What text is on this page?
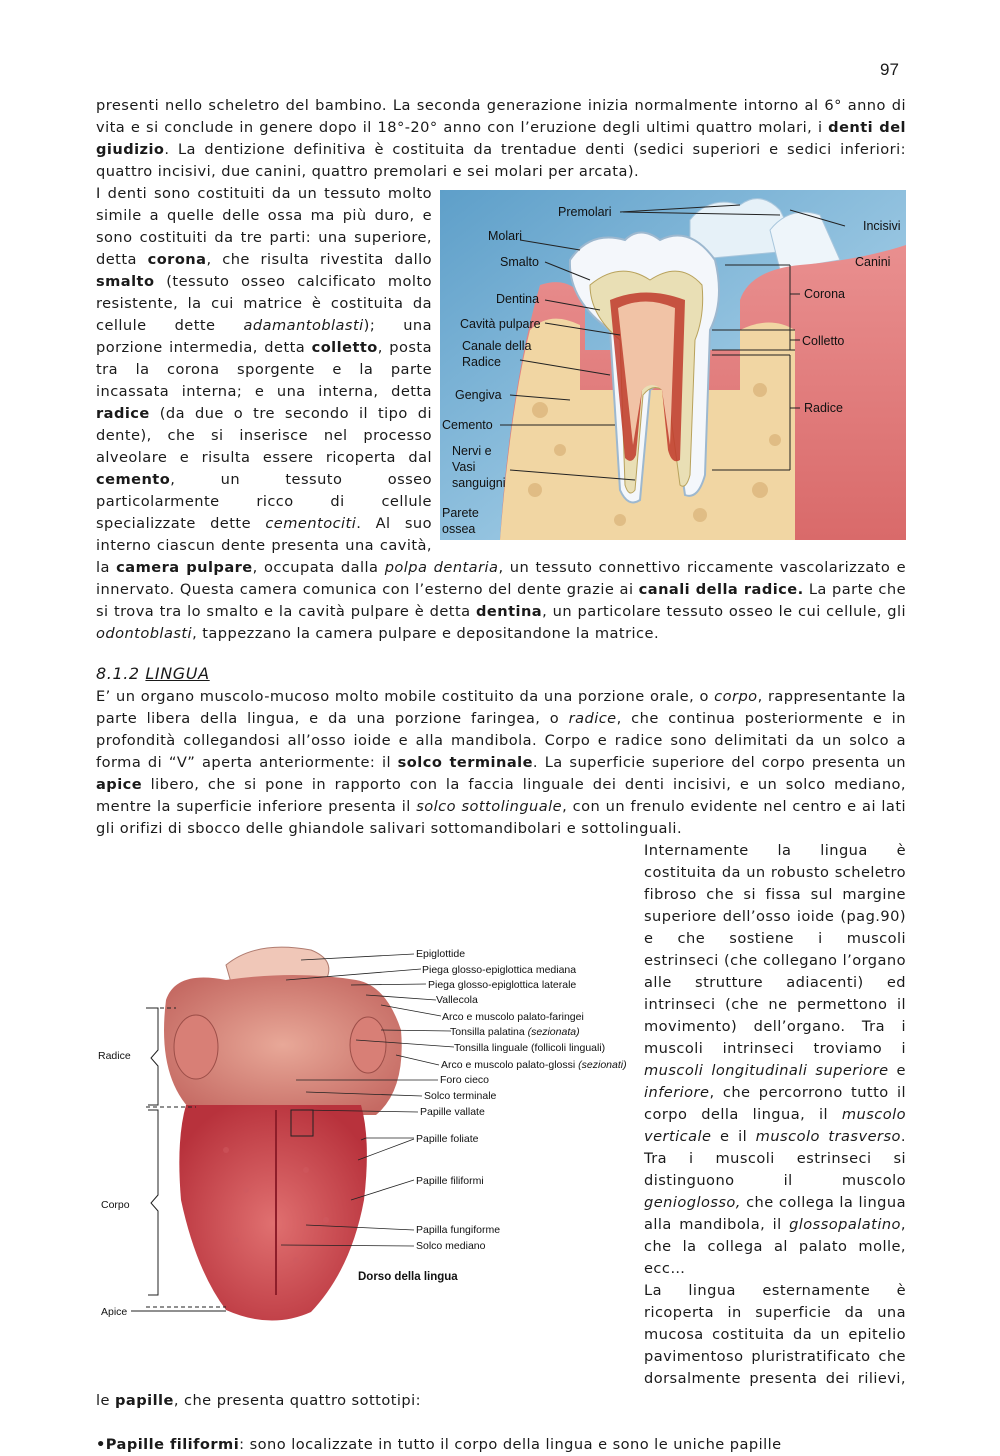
97
presenti nello scheletro del bambino. La seconda generazione inizia normalmente intorno al 6° anno di vita e si conclude in genere dopo il 18°-20° anno con l’eruzione degli ultimi quattro molari, i denti del giudizio. La dentizione definitiva è costituita da trentadue denti (sedici superiori e sedici inferiori: quattro incisivi, due canini, quattro premolari e sei molari per arcata).
I denti sono costituiti da un tessuto molto simile a quelle delle ossa ma più duro, e sono costituiti da tre parti: una superiore, detta corona, che risulta rivestita dallo smalto (tessuto osseo calcificato molto resistente, la cui matrice è costituita da cellule dette adamantoblasti); una porzione intermedia, detta colletto, posta tra la corona sporgente e la parte incassata interna; e una interna, detta radice (da due o tre secondo il tipo di dente), che si inserisce nel processo alveolare e risulta essere ricoperta dal cemento, un tessuto osseo particolarmente ricco di cellule specializzate dette cementociti. Al suo interno ciascun dente presenta una cavità, la camera pulpare, occupata dalla polpa dentaria, un tessuto connettivo riccamente vascolarizzato e innervato. Questa camera comunica con l’esterno del dente grazie ai canali della radice. La parte che si trova tra lo smalto e la cavità pulpare è detta dentina, un particolare tessuto osseo le cui cellule, gli odontoblasti, tappezzano la camera pulpare e depositandone la matrice.
Premolari
Incisivi
Canini
Molari
Smalto
Dentina
Cavità pulpare
Canale della
Radice
Gengiva
Cemento
Nervi e
Vasi
sanguigni
Parete
ossea
Corona
Colletto
Radice
8.1.2 LINGUA
E’ un organo muscolo-mucoso molto mobile costituito da una porzione orale, o corpo, rappresentante la parte libera della lingua, e da una porzione faringea, o radice, che continua posteriormente e in profondità collegandosi all’osso ioide e alla mandibola. Corpo e radice sono delimitati da un solco a forma di “V” aperta anteriormente: il solco terminale. La superficie superiore del corpo presenta un apice libero, che si pone in rapporto con la faccia linguale dei denti incisivi, e un solco mediano, mentre la superficie inferiore presenta il solco sottolinguale, con un frenulo evidente nel centro e ai lati gli orifizi di sbocco delle ghiandole salivari sottomandibolari e sottolinguali.
Internamente la lingua è costituita da un robusto scheletro fibroso che si fissa sul margine superiore dell’osso ioide (pag.90) e che sostiene i muscoli estrinseci (che collegano l’organo alle strutture adiacenti) ed intrinseci (che ne permettono il movimento) dell’organo. Tra i muscoli intrinseci troviamo i muscoli longitudinali superiore e inferiore, che percorrono tutto il corpo della lingua, il muscolo verticale e il muscolo trasverso. Tra i muscoli estrinseci si distinguono il muscolo genioglosso, che collega la lingua alla mandibola, il glossopalatino, che la collega al palato molle, ecc…
La lingua esternamente è ricoperta in superficie da una mucosa costituita da un epitelio pavimentoso pluristratificato che dorsalmente presenta dei rilievi, le papille, che presenta quattro sottotipi:
•Papille filiformi: sono localizzate in tutto il corpo della lingua e sono le uniche papille
Epiglottide
Piega glosso-epiglottica mediana
Piega glosso-epiglottica laterale
Vallecola
Arco e muscolo palato-faringei
Tonsilla palatina (sezionata)
Tonsilla linguale (follicoli linguali)
Arco e muscolo palato-glossi (sezionati)
Foro cieco
Solco terminale
Papille vallate
Papille foliate
Papille filiformi
Papilla fungiforme
Solco mediano
Radice
Corpo
Apice
Dorso della lingua
